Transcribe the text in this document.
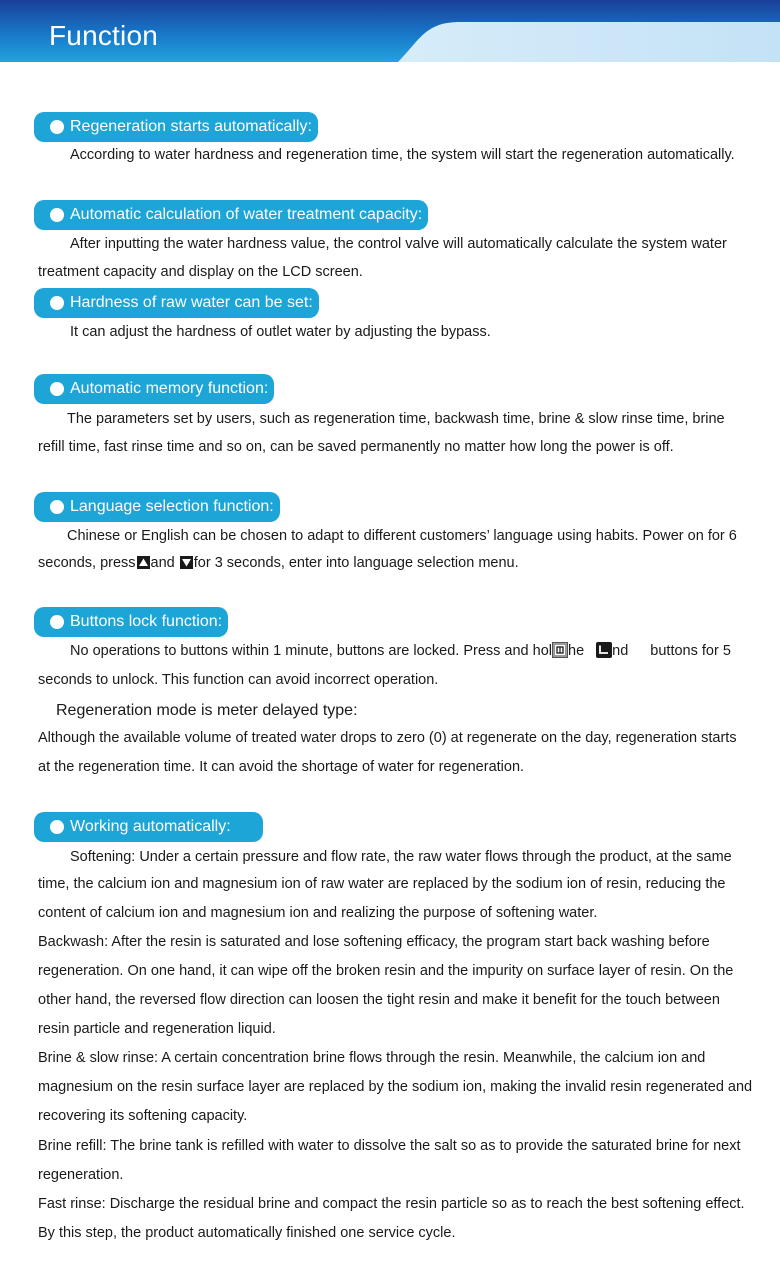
Function
Regeneration starts automatically:
According to water hardness and regeneration time, the system will start the regeneration automatically.
Automatic calculation of water treatment capacity:
After inputting the water hardness value, the control valve will automatically calculate the system water
treatment capacity and display on the LCD screen.
Hardness of raw water can be set:
It can adjust the hardness of outlet water by adjusting the bypass.
Automatic memory function:
The parameters set by users, such as regeneration time, backwash time, brine & slow rinse time, brine
refill time, fast rinse time and so on, can be saved permanently no matter how long the power is off.
Language selection function:
Chinese or English can be chosen to adapt to different customers’ language using habits. Power on for 6
seconds, press and for 3 seconds, enter into language selection menu.
Buttons lock function:
No operations to buttons within 1 minute, buttons are locked. Press and hol he nd buttons for 5
seconds to unlock. This function can avoid incorrect operation.
Regeneration mode is meter delayed type:
Although the available volume of treated water drops to zero (0) at regenerate on the day, regeneration starts
at the regeneration time. It can avoid the shortage of water for regeneration.
Working automatically:
Softening: Under a certain pressure and flow rate, the raw water flows through the product, at the same
time, the calcium ion and magnesium ion of raw water are replaced by the sodium ion of resin, reducing the
content of calcium ion and magnesium ion and realizing the purpose of softening water.
Backwash: After the resin is saturated and lose softening efficacy, the program start back washing before
regeneration. On one hand, it can wipe off the broken resin and the impurity on surface layer of resin. On the
other hand, the reversed flow direction can loosen the tight resin and make it benefit for the touch between
resin particle and regeneration liquid.
Brine & slow rinse: A certain concentration brine flows through the resin. Meanwhile, the calcium ion and
magnesium on the resin surface layer are replaced by the sodium ion, making the invalid resin regenerated and
recovering its softening capacity.
Brine refill: The brine tank is refilled with water to dissolve the salt so as to provide the saturated brine for next
regeneration.
Fast rinse: Discharge the residual brine and compact the resin particle so as to reach the best softening effect.
By this step, the product automatically finished one service cycle.
